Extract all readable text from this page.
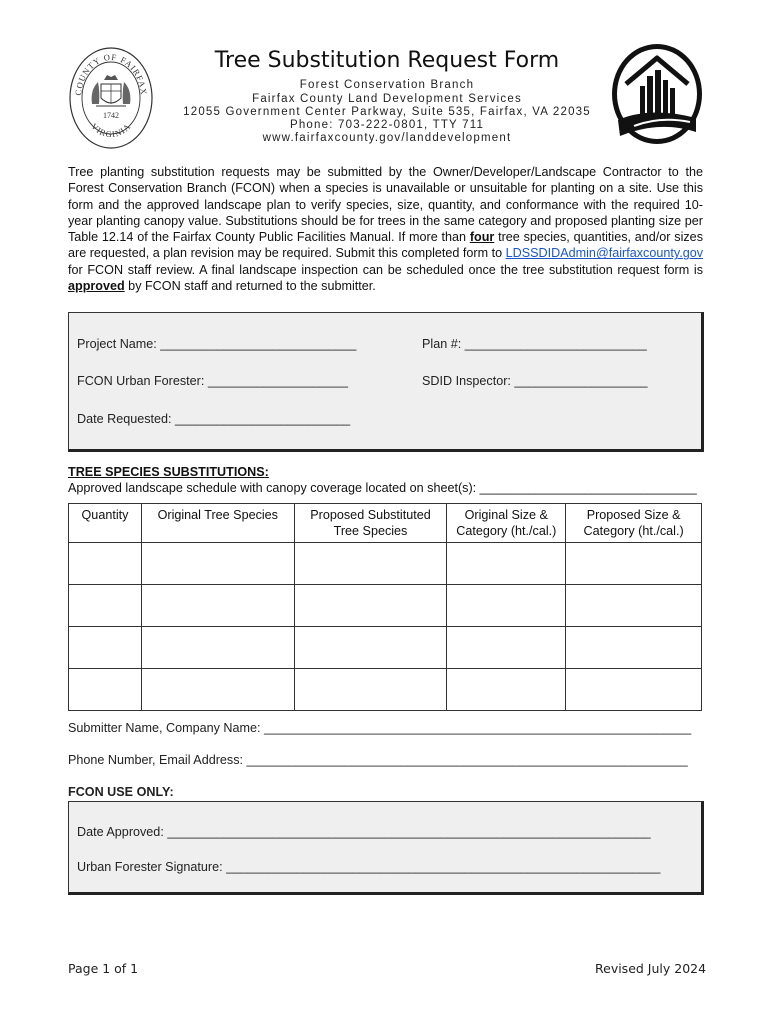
COUNTY OF FAIRFAX
VIRGINIA
1742
Tree Substitution Request Form
Forest Conservation Branch
Fairfax County Land Development Services
12055 Government Center Parkway, Suite 535, Fairfax, VA 22035
Phone: 703-222-0801, TTY 711
www.fairfaxcounty.gov/landdevelopment
Tree planting substitution requests may be submitted by the Owner/Developer/Landscape Contractor to the Forest Conservation Branch (FCON) when a species is unavailable or unsuitable for planting on a site. Use this form and the approved landscape plan to verify species, size, quantity, and conformance with the required 10-year planting canopy value. Substitutions should be for trees in the same category and proposed planting size per Table 12.14 of the Fairfax County Public Facilities Manual. If more than four tree species, quantities, and/or sizes are requested, a plan revision may be required. Submit this completed form to LDSSDIDAdmin@fairfaxcounty.gov for FCON staff review. A final landscape inspection can be scheduled once the tree substitution request form is approved by FCON staff and returned to the submitter.
Project Name: ____________________________	Plan #: __________________________
FCON Urban Forester: ____________________	SDID Inspector: ___________________
Date Requested: _________________________
TREE SPECIES SUBSTITUTIONS:
Approved landscape schedule with canopy coverage located on sheet(s): _______________________________
Quantity	Original Tree Species	Proposed Substituted Tree Species	Original Size & Category (ht./cal.)	Proposed Size & Category (ht./cal.)

Submitter Name, Company Name: _____________________________________________________________
Phone Number, Email Address: _______________________________________________________________
FCON USE ONLY:
Date Approved: _____________________________________________________________________
Urban Forester Signature: ______________________________________________________________
Page 1 of 1	Revised July 2024
